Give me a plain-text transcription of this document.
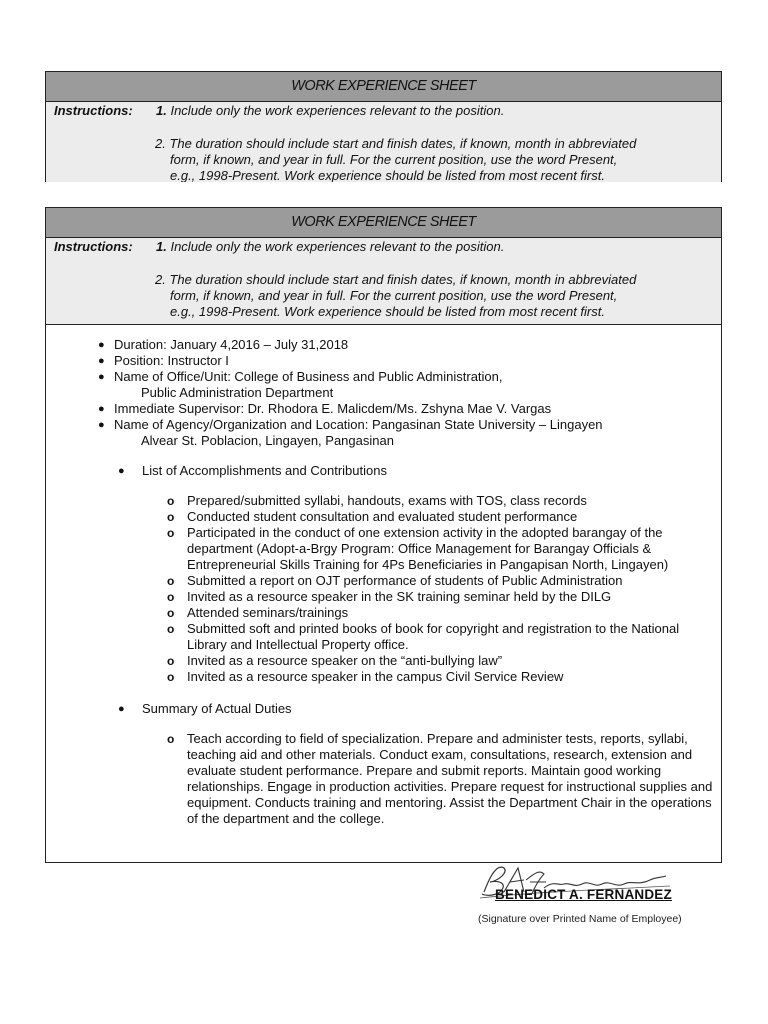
WORK EXPERIENCE SHEET
Instructions:	1.
Include only the work experiences relevant to the position.
2. The duration should include start and finish dates, if known, month in abbreviated
form, if known, and year in full. For the current position, use the word Present,
e.g., 1998-Present. Work experience should be listed from most recent first.
WORK EXPERIENCE SHEET
Instructions:	1.
Include only the work experiences relevant to the position.
2. The duration should include start and finish dates, if known, month in abbreviated
form, if known, and year in full. For the current position, use the word Present,
e.g., 1998-Present. Work experience should be listed from most recent first.
● Duration: January 4,2016 – July 31,2018
● Position: Instructor I
● Name of Office/Unit: College of Business and Public Administration,
Public Administration Department
● Immediate Supervisor: Dr. Rhodora E. Malicdem/Ms. Zshyna Mae V. Vargas
● Name of Agency/Organization and Location: Pangasinan State University – Lingayen
Alvear St. Poblacion, Lingayen, Pangasinan
● List of Accomplishments and Contributions
o Prepared/submitted syllabi, handouts, exams with TOS, class records
o Conducted student consultation and evaluated student performance
o Participated in the conduct of one extension activity in the adopted barangay of the department (Adopt-a-Brgy Program: Office Management for Barangay Officials & Entrepreneurial Skills Training for 4Ps Beneficiaries in Pangapisan North, Lingayen)
o Submitted a report on OJT performance of students of Public Administration
o Invited as a resource speaker in the SK training seminar held by the DILG
o Attended seminars/trainings
o Submitted soft and printed books of book for copyright and registration to the National Library and Intellectual Property office.
o Invited as a resource speaker on the “anti-bullying law”
o Invited as a resource speaker in the campus Civil Service Review
● Summary of Actual Duties
o Teach according to field of specialization. Prepare and administer tests, reports, syllabi, teaching aid and other materials. Conduct exam, consultations, research, extension and evaluate student performance. Prepare and submit reports. Maintain good working relationships. Engage in production activities. Prepare request for instructional supplies and equipment. Conducts training and mentoring. Assist the Department Chair in the operations of the department and the college.
BENEDICT A. FERNANDEZ
(Signature over Printed Name of Employee)
